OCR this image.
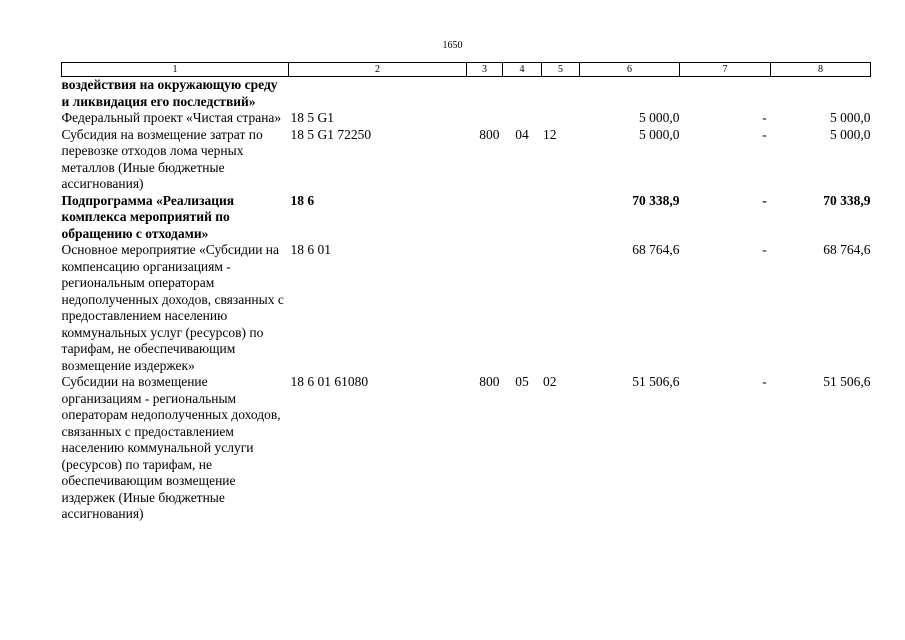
1650
1	2	3	4	5	6	7	8
воздействия на окружающую среду и ликвидация его последствий»							
Федеральный проект «Чистая страна»	18 5 G1				5 000,0	-	5 000,0
Субсидия на возмещение затрат по перевозке отходов лома черных металлов (Иные бюджетные ассигнования)	18 5 G1 72250	800	04	12	5 000,0	-	5 000,0
Подпрограмма «Реализация комплекса мероприятий по обращению с отходами»	18 6				70 338,9	-	70 338,9
Основное мероприятие «Субсидии на компенсацию организациям - региональным операторам недополученных доходов, связанных с предоставлением населению коммунальных услуг (ресурсов) по тарифам, не обеспечивающим возмещение издержек»	18 6 01				68 764,6	-	68 764,6
Субсидии на возмещение организациям - региональным операторам недополученных доходов, связанных с предоставлением населению коммунальной услуги (ресурсов) по тарифам, не обеспечивающим возмещение издержек (Иные бюджетные ассигнования)	18 6 01 61080	800	05	02	51 506,6	-	51 506,6
